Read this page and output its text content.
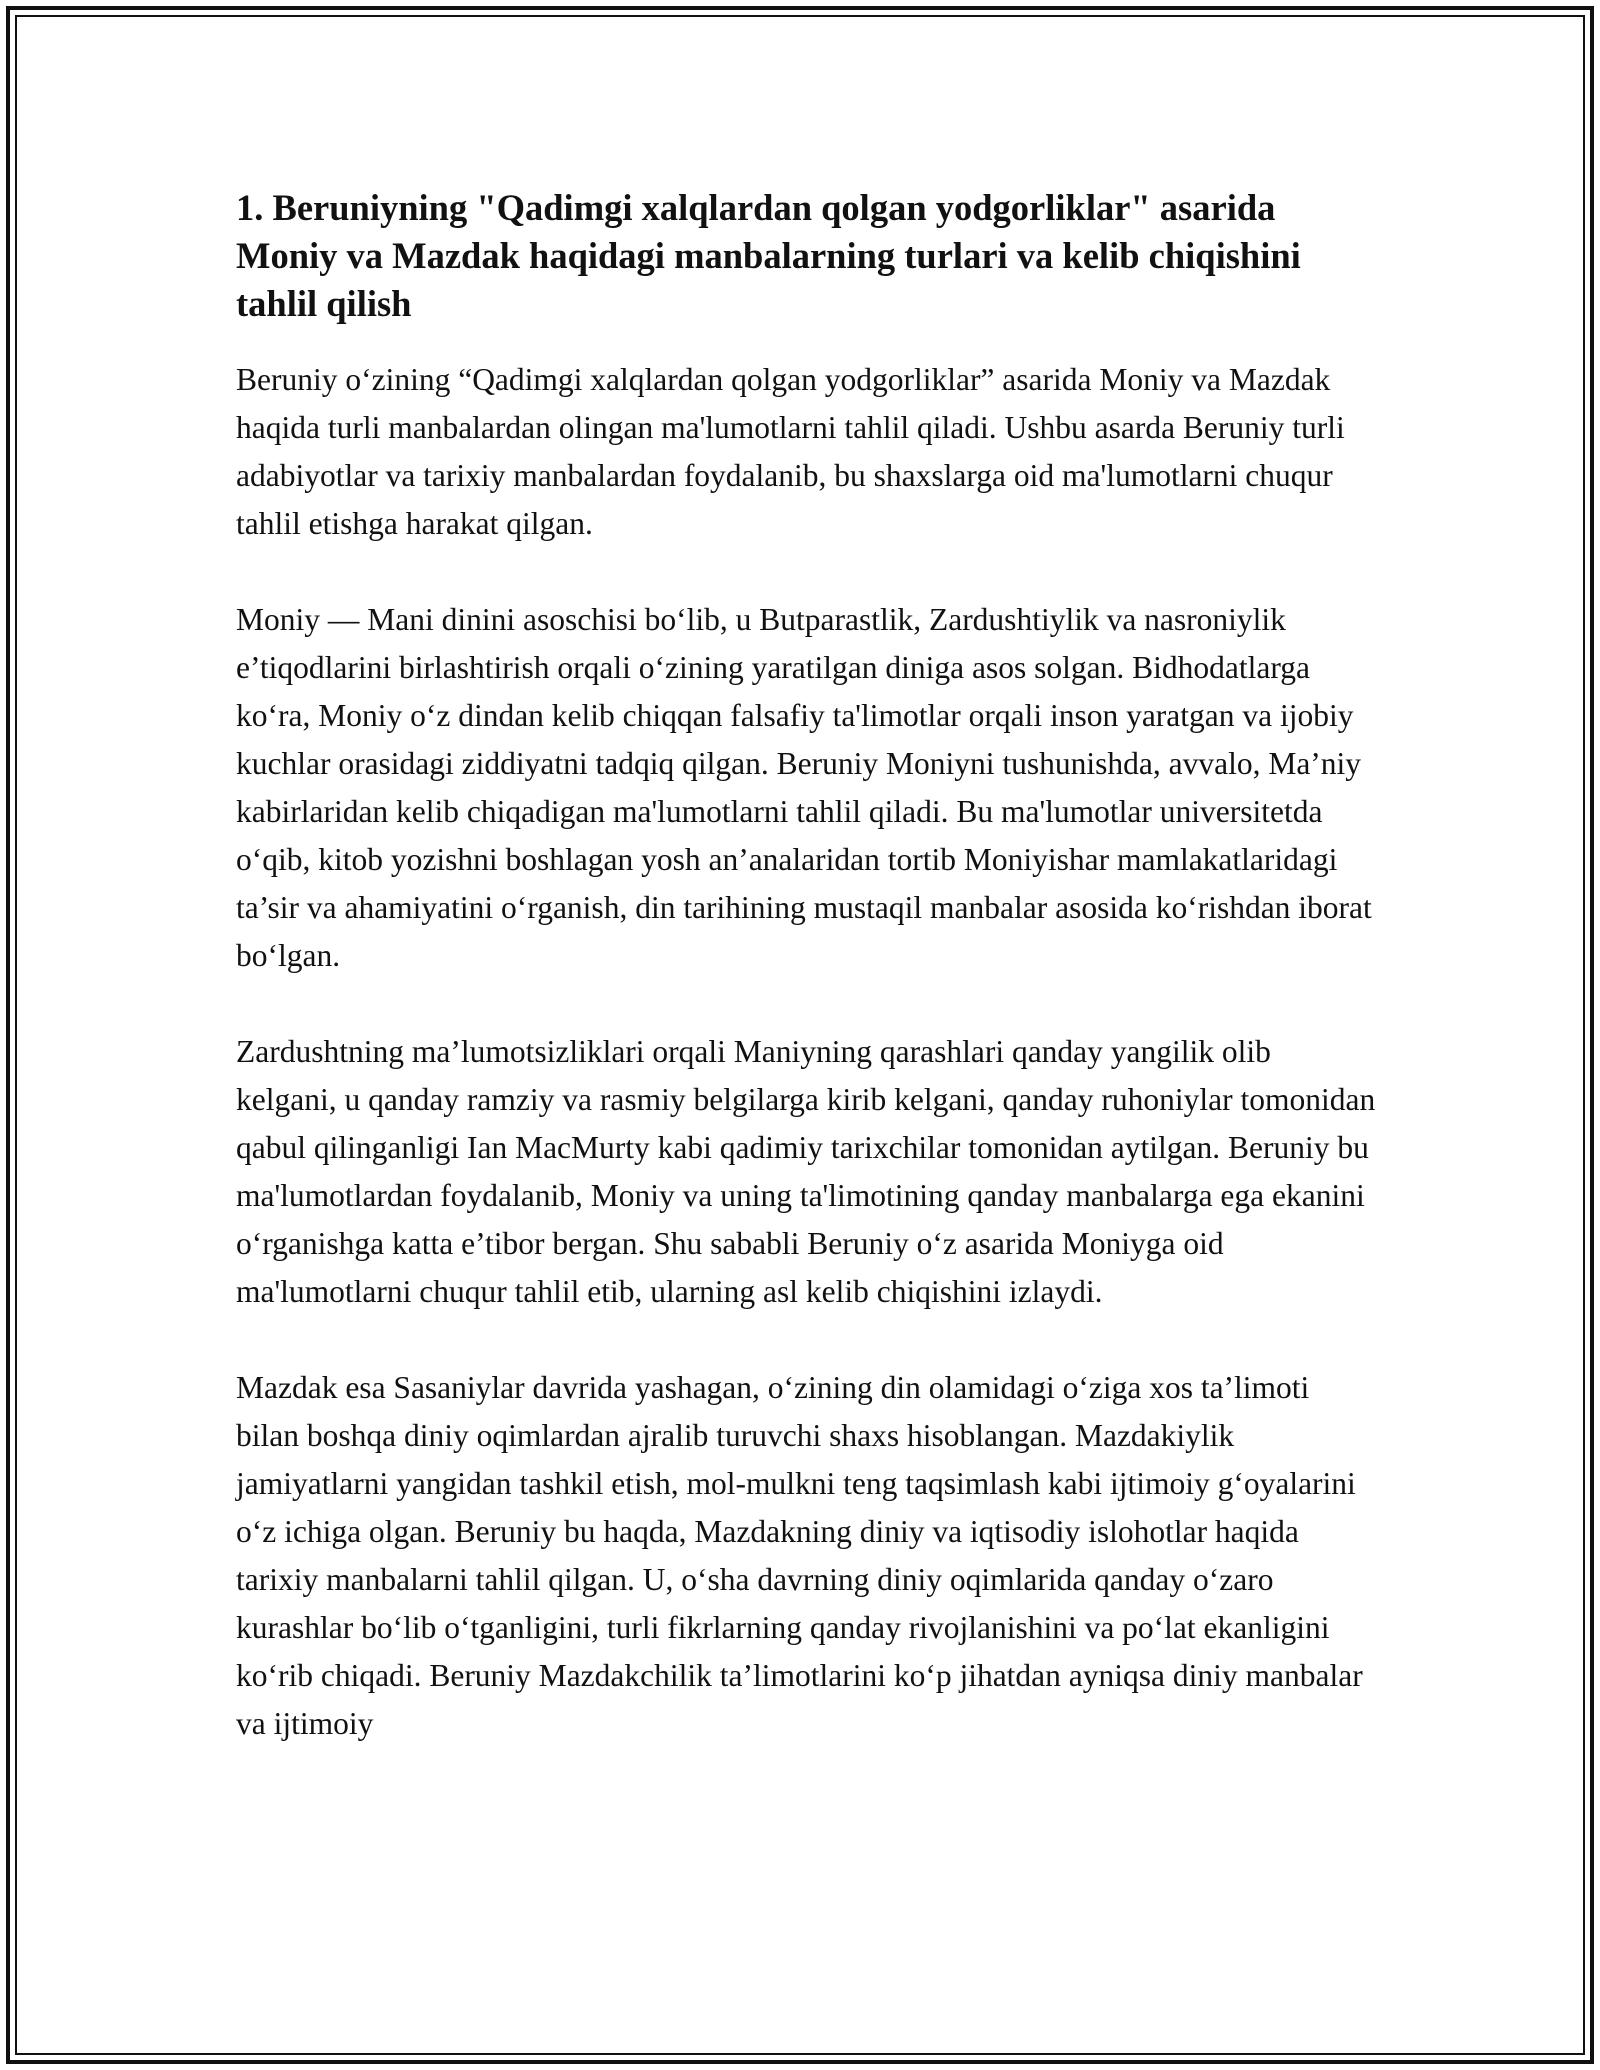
1. Beruniyning "Qadimgi xalqlardan qolgan yodgorliklar" asarida Moniy va Mazdak haqidagi manbalarning turlari va kelib chiqishini tahlil qilish

Beruniy o‘zining “Qadimgi xalqlardan qolgan yodgorliklar” asarida Moniy va Mazdak haqida turli manbalardan olingan ma'lumotlarni tahlil qiladi. Ushbu asarda Beruniy turli adabiyotlar va tarixiy manbalardan foydalanib, bu shaxslarga oid ma'lumotlarni chuqur tahlil etishga harakat qilgan.

Moniy — Mani dinini asoschisi bo‘lib, u Butparastlik, Zardushtiylik va nasroniylik e’tiqodlarini birlashtirish orqali o‘zining yaratilgan diniga asos solgan. Bidhodatlarga ko‘ra, Moniy o‘z dindan kelib chiqqan falsafiy ta'limotlar orqali inson yaratgan va ijobiy kuchlar orasidagi ziddiyatni tadqiq qilgan. Beruniy Moniyni tushunishda, avvalo, Ma’niy kabirlaridan kelib chiqadigan ma'lumotlarni tahlil qiladi. Bu ma'lumotlar universitetda o‘qib, kitob yozishni boshlagan yosh an’analaridan tortib Moniyishar mamlakatlaridagi ta’sir va ahamiyatini o‘rganish, din tarihining mustaqil manbalar asosida ko‘rishdan iborat bo‘lgan.

Zardushtning ma’lumotsizliklari orqali Maniyning qarashlari qanday yangilik olib kelgani, u qanday ramziy va rasmiy belgilarga kirib kelgani, qanday ruhoniylar tomonidan qabul qilinganligi Ian MacMurty kabi qadimiy tarixchilar tomonidan aytilgan. Beruniy bu ma'lumotlardan foydalanib, Moniy va uning ta'limotining qanday manbalarga ega ekanini o‘rganishga katta e’tibor bergan. Shu sababli Beruniy o‘z asarida Moniyga oid ma'lumotlarni chuqur tahlil etib, ularning asl kelib chiqishini izlaydi.

Mazdak esa Sasaniylar davrida yashagan, o‘zining din olamidagi o‘ziga xos ta’limoti bilan boshqa diniy oqimlardan ajralib turuvchi shaxs hisoblangan. Mazdakiylik jamiyatlarni yangidan tashkil etish, mol-mulkni teng taqsimlash kabi ijtimoiy g‘oyalarini o‘z ichiga olgan. Beruniy bu haqda, Mazdakning diniy va iqtisodiy islohotlar haqida tarixiy manbalarni tahlil qilgan. U, o‘sha davrning diniy oqimlarida qanday o‘zaro kurashlar bo‘lib o‘tganligini, turli fikrlarning qanday rivojlanishini va po‘lat ekanligini ko‘rib chiqadi. Beruniy Mazdakchilik ta’limotlarini ko‘p jihatdan ayniqsa diniy manbalar va ijtimoiy
